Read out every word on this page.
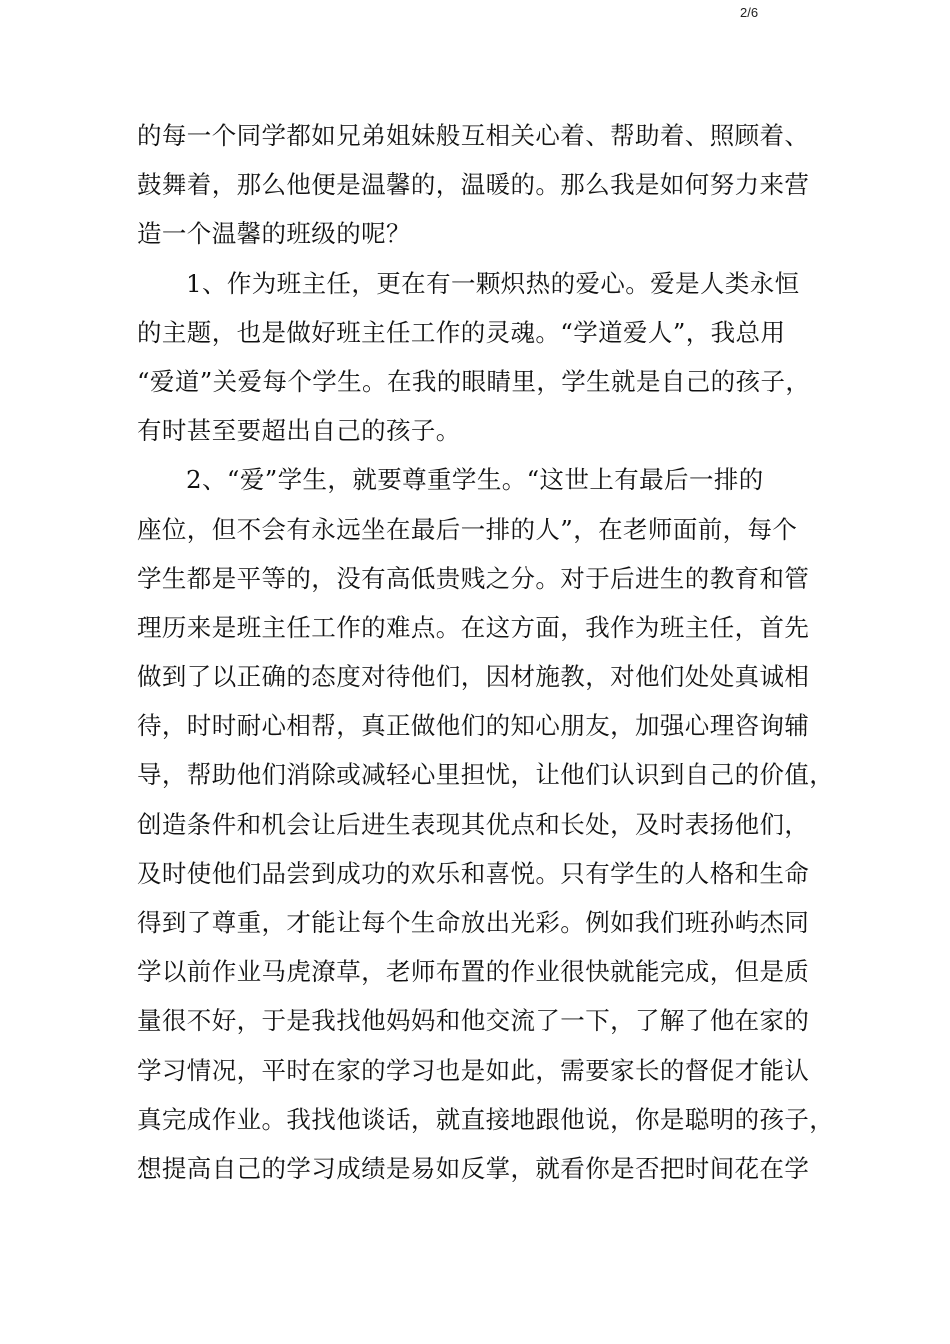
2/6
的每一个同学都如兄弟姐妹般互相关心着、帮助着、照顾着、
鼓舞着，那么他便是温馨的，温暖的。那么我是如何努力来营
造一个温馨的班级的呢？
1、作为班主任，更在有一颗炽热的爱心。爱是人类永恒
的主题，也是做好班主任工作的灵魂。“学道爱人”，我总用
“爱道”关爱每个学生。在我的眼睛里，学生就是自己的孩子，
有时甚至要超出自己的孩子。
2、“爱”学生，就要尊重学生。“这世上有最后一排的
座位，但不会有永远坐在最后一排的人”，在老师面前，每个
学生都是平等的，没有高低贵贱之分。对于后进生的教育和管
理历来是班主任工作的难点。在这方面，我作为班主任，首先
做到了以正确的态度对待他们，因材施教，对他们处处真诚相
待，时时耐心相帮，真正做他们的知心朋友，加强心理咨询辅
导，帮助他们消除或减轻心里担忧，让他们认识到自己的价值，
创造条件和机会让后进生表现其优点和长处，及时表扬他们，
及时使他们品尝到成功的欢乐和喜悦。只有学生的人格和生命
得到了尊重，才能让每个生命放出光彩。例如我们班孙屿杰同
学以前作业马虎潦草，老师布置的作业很快就能完成，但是质
量很不好，于是我找他妈妈和他交流了一下，了解了他在家的
学习情况，平时在家的学习也是如此，需要家长的督促才能认
真完成作业。我找他谈话，就直接地跟他说，你是聪明的孩子，
想提高自己的学习成绩是易如反掌，就看你是否把时间花在学
